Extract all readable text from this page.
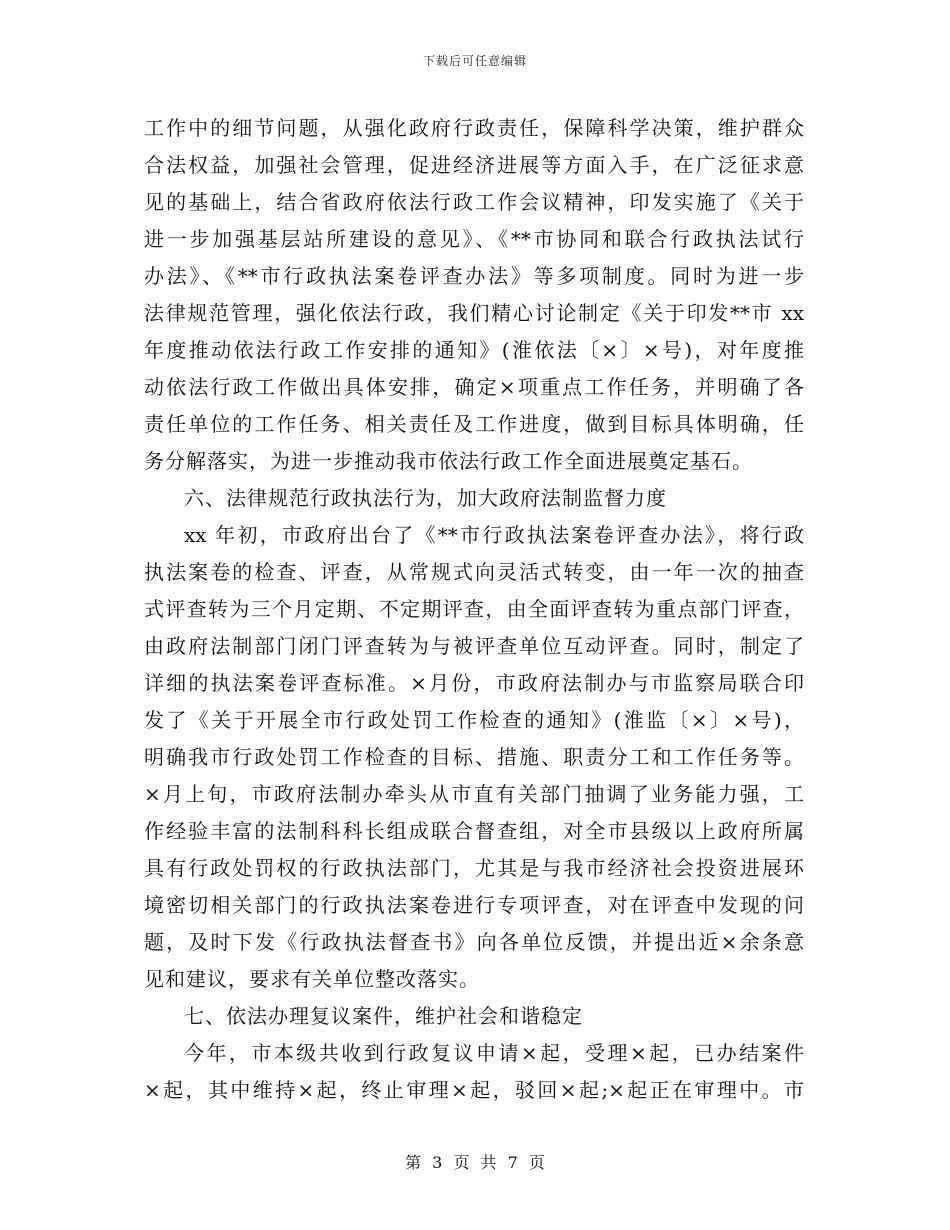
下载后可任意编辑
工作中的细节问题，从强化政府行政责任，保障科学决策，维护群众
合法权益，加强社会管理，促进经济进展等方面入手，在广泛征求意
见的基础上，结合省政府依法行政工作会议精神，印发实施了《关于
进一步加强基层站所建设的意见》、《**市协同和联合行政执法试行
办法》、《**市行政执法案卷评查办法》等多项制度。同时为进一步
法律规范管理，强化依法行政，我们精心讨论制定《关于印发**市 xx
年度推动依法行政工作安排的通知》(淮依法〔×〕×号)，对年度推
动依法行政工作做出具体安排，确定×项重点工作任务，并明确了各
责任单位的工作任务、相关责任及工作进度，做到目标具体明确，任
务分解落实，为进一步推动我市依法行政工作全面进展奠定基石。
六、法律规范行政执法行为，加大政府法制监督力度
xx 年初，市政府出台了《**市行政执法案卷评查办法》，将行政
执法案卷的检查、评查，从常规式向灵活式转变，由一年一次的抽查
式评查转为三个月定期、不定期评查，由全面评查转为重点部门评查，
由政府法制部门闭门评查转为与被评查单位互动评查。同时，制定了
详细的执法案卷评查标准。×月份，市政府法制办与市监察局联合印
发了《关于开展全市行政处罚工作检查的通知》(淮监〔×〕×号)，
明确我市行政处罚工作检查的目标、措施、职责分工和工作任务等。
×月上旬，市政府法制办牵头从市直有关部门抽调了业务能力强，工
作经验丰富的法制科科长组成联合督查组，对全市县级以上政府所属
具有行政处罚权的行政执法部门，尤其是与我市经济社会投资进展环
境密切相关部门的行政执法案卷进行专项评查，对在评查中发现的问
题，及时下发《行政执法督查书》向各单位反馈，并提出近×余条意
见和建议，要求有关单位整改落实。
七、依法办理复议案件，维护社会和谐稳定
今年，市本级共收到行政复议申请×起，受理×起，已办结案件
×起，其中维持×起，终止审理×起，驳回×起;×起正在审理中。市
第 3 页 共 7 页
